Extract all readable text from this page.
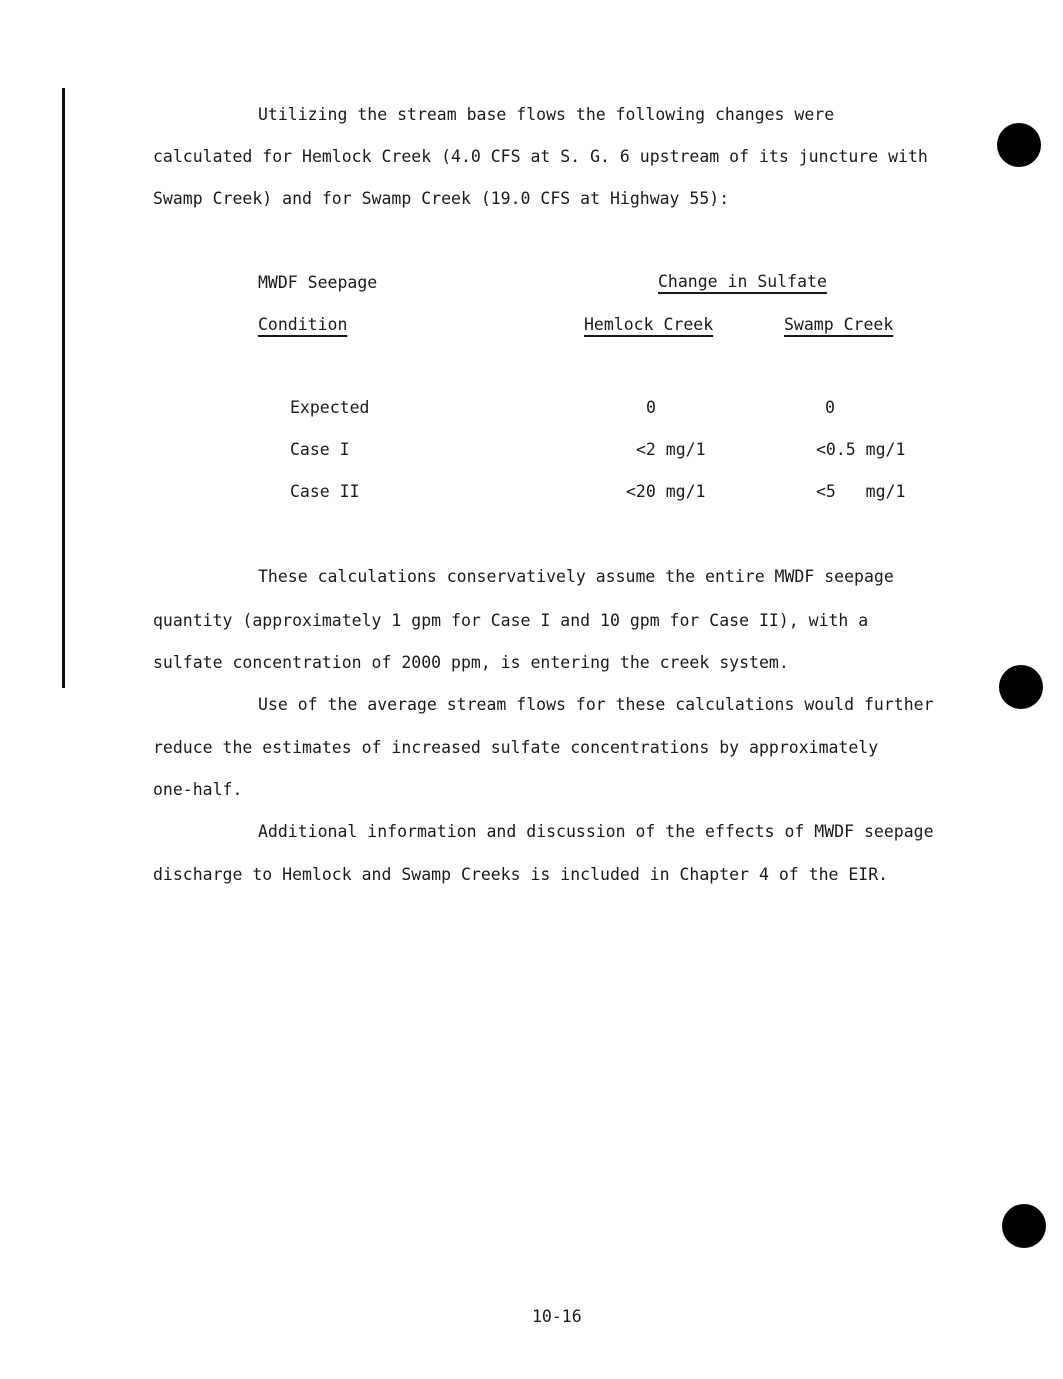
Utilizing the stream base flows the following changes were
calculated for Hemlock Creek (4.0 CFS at S. G. 6 upstream of its juncture with
Swamp Creek) and for Swamp Creek (19.0 CFS at Highway 55):
MWDF Seepage
Condition
Change in Sulfate
Hemlock Creek	Swamp Creek
Expected	0	0
Case I	<2 mg/1	<0.5 mg/1
Case II	<20 mg/1	<5   mg/1
These calculations conservatively assume the entire MWDF seepage
quantity (approximately 1 gpm for Case I and 10 gpm for Case II), with a
sulfate concentration of 2000 ppm, is entering the creek system.
Use of the average stream flows for these calculations would further
reduce the estimates of increased sulfate concentrations by approximately
one-half.
Additional information and discussion of the effects of MWDF seepage
discharge to Hemlock and Swamp Creeks is included in Chapter 4 of the EIR.
10-16
